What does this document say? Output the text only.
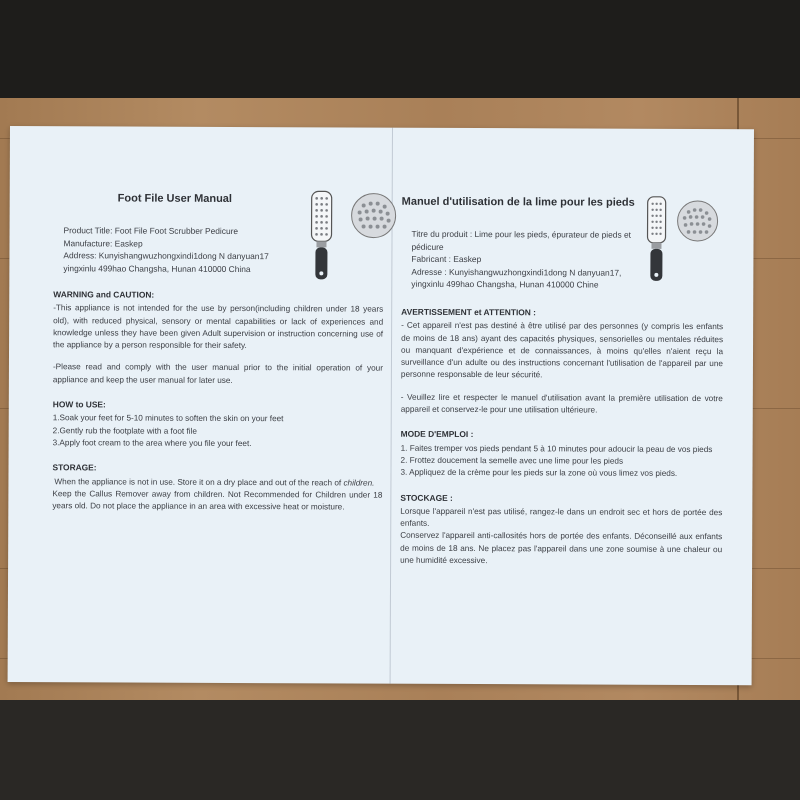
Foot File User Manual
Product Title: Foot File Foot Scrubber Pedicure
Manufacture: Easkep
Address: Kunyishangwuzhongxindi1dong N danyuan17 yingxinlu 499hao Changsha, Hunan 410000 China
WARNING and CAUTION:

-This appliance is not intended for the use by person(including children under 18 years old), with reduced physical, sensory or mental capabilities or lack of experiences and knowledge unless they have been given Adult supervision or instruction concerning use of the appliance by a person responsible for their safety.

-Please read and comply with the user manual prior to the initial operation of your appliance and keep the user manual for later use.

HOW to USE:

1.Soak your feet for 5-10 minutes to soften the skin on your feet

2.Gently rub the footplate with a foot file

3.Apply foot cream to the area where you file your feet.

STORAGE:

When the appliance is not in use. Store it on a dry place and out of the reach of children.

Keep the Callus Remover away from children. Not Recommended for Children under 18 years old. Do not place the appliance in an area with excessive heat or moisture.

Manuel d'utilisation de la lime pour les pieds
Titre du produit : Lime pour les pieds, épurateur de pieds et pédicure
Fabricant : Easkep
Adresse : Kunyishangwuzhongxindi1dong N danyuan17, yingxinlu 499hao Changsha, Hunan 410000 Chine
AVERTISSEMENT et ATTENTION :

- Cet appareil n'est pas destiné à être utilisé par des personnes (y compris les enfants de moins de 18 ans) ayant des capacités physiques, sensorielles ou mentales réduites ou manquant d'expérience et de connaissances, à moins qu'elles n'aient reçu la surveillance d'un adulte ou des instructions concernant l'utilisation de l'appareil par une personne responsable de leur sécurité.

- Veuillez lire et respecter le manuel d'utilisation avant la première utilisation de votre appareil et conservez-le pour une utilisation ultérieure.

MODE D'EMPLOI :

1. Faites tremper vos pieds pendant 5 à 10 minutes pour adoucir la peau de vos pieds

2. Frottez doucement la semelle avec une lime pour les pieds

3. Appliquez de la crème pour les pieds sur la zone où vous limez vos pieds.

STOCKAGE :

Lorsque l'appareil n'est pas utilisé, rangez-le dans un endroit sec et hors de portée des enfants.

Conservez l'appareil anti-callosités hors de portée des enfants. Déconseillé aux enfants de moins de 18 ans. Ne placez pas l'appareil dans une zone soumise à une chaleur ou une humidité excessive.
